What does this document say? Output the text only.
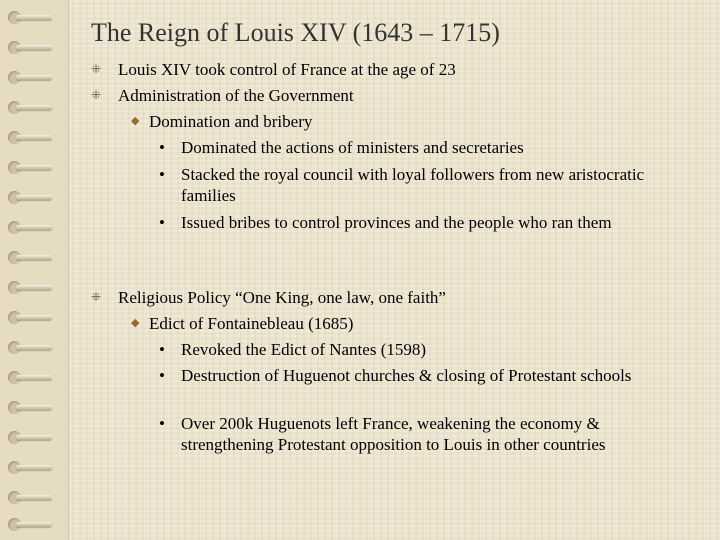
The Reign of Louis XIV (1643 – 1715)
⁜ Louis XIV took control of France at the age of 23
⁜ Administration of the Government
◆ Domination and bribery
• Dominated the actions of ministers and secretaries
• Stacked the royal council with loyal followers from new aristocratic families
• Issued bribes to control provinces and the people who ran them
⁜ Religious Policy “One King, one law, one faith”
◆ Edict of Fontainebleau (1685)
• Revoked the Edict of Nantes (1598)
• Destruction of Huguenot churches & closing of Protestant schools
• Over 200k Huguenots left France, weakening the economy & strengthening Protestant opposition to Louis in other countries
